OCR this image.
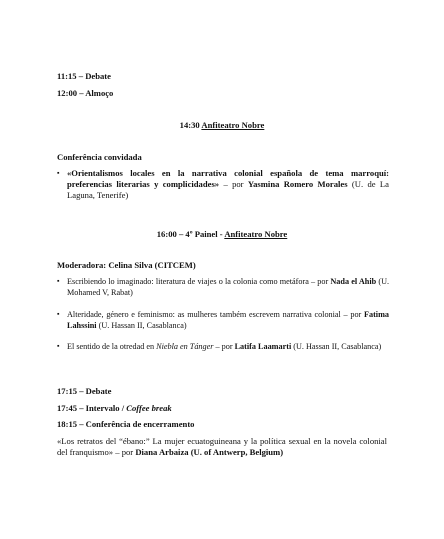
11:15 – Debate
12:00 – Almoço
14:30 Anfiteatro Nobre
Conferência convidada
▪ «Orientalismos locales en la narrativa colonial española de tema marroquí: preferencias literarias y complicidades» – por Yasmina Romero Morales (U. de La Laguna, Tenerife)
16:00 – 4º Painel - Anfiteatro Nobre
Moderadora: Celina Silva (CITCEM)
▪ Escribiendo lo imaginado: literatura de viajes o la colonia como metáfora – por Nada el Ahib (U. Mohamed V, Rabat)
▪ Alteridade, género e feminismo: as mulheres também escrevem narrativa colonial – por Fatima Lahssini (U. Hassan II, Casablanca)
▪ El sentido de la otredad en Niebla en Tánger – por Latifa Laamarti (U. Hassan II, Casablanca)
17:15 – Debate
17:45 – Intervalo / Coffee break
18:15 – Conferência de encerramento
«Los retratos del “ébano:” La mujer ecuatoguineana y la política sexual en la novela colonial del franquismo» – por Diana Arbaiza (U. of Antwerp, Belgium)
